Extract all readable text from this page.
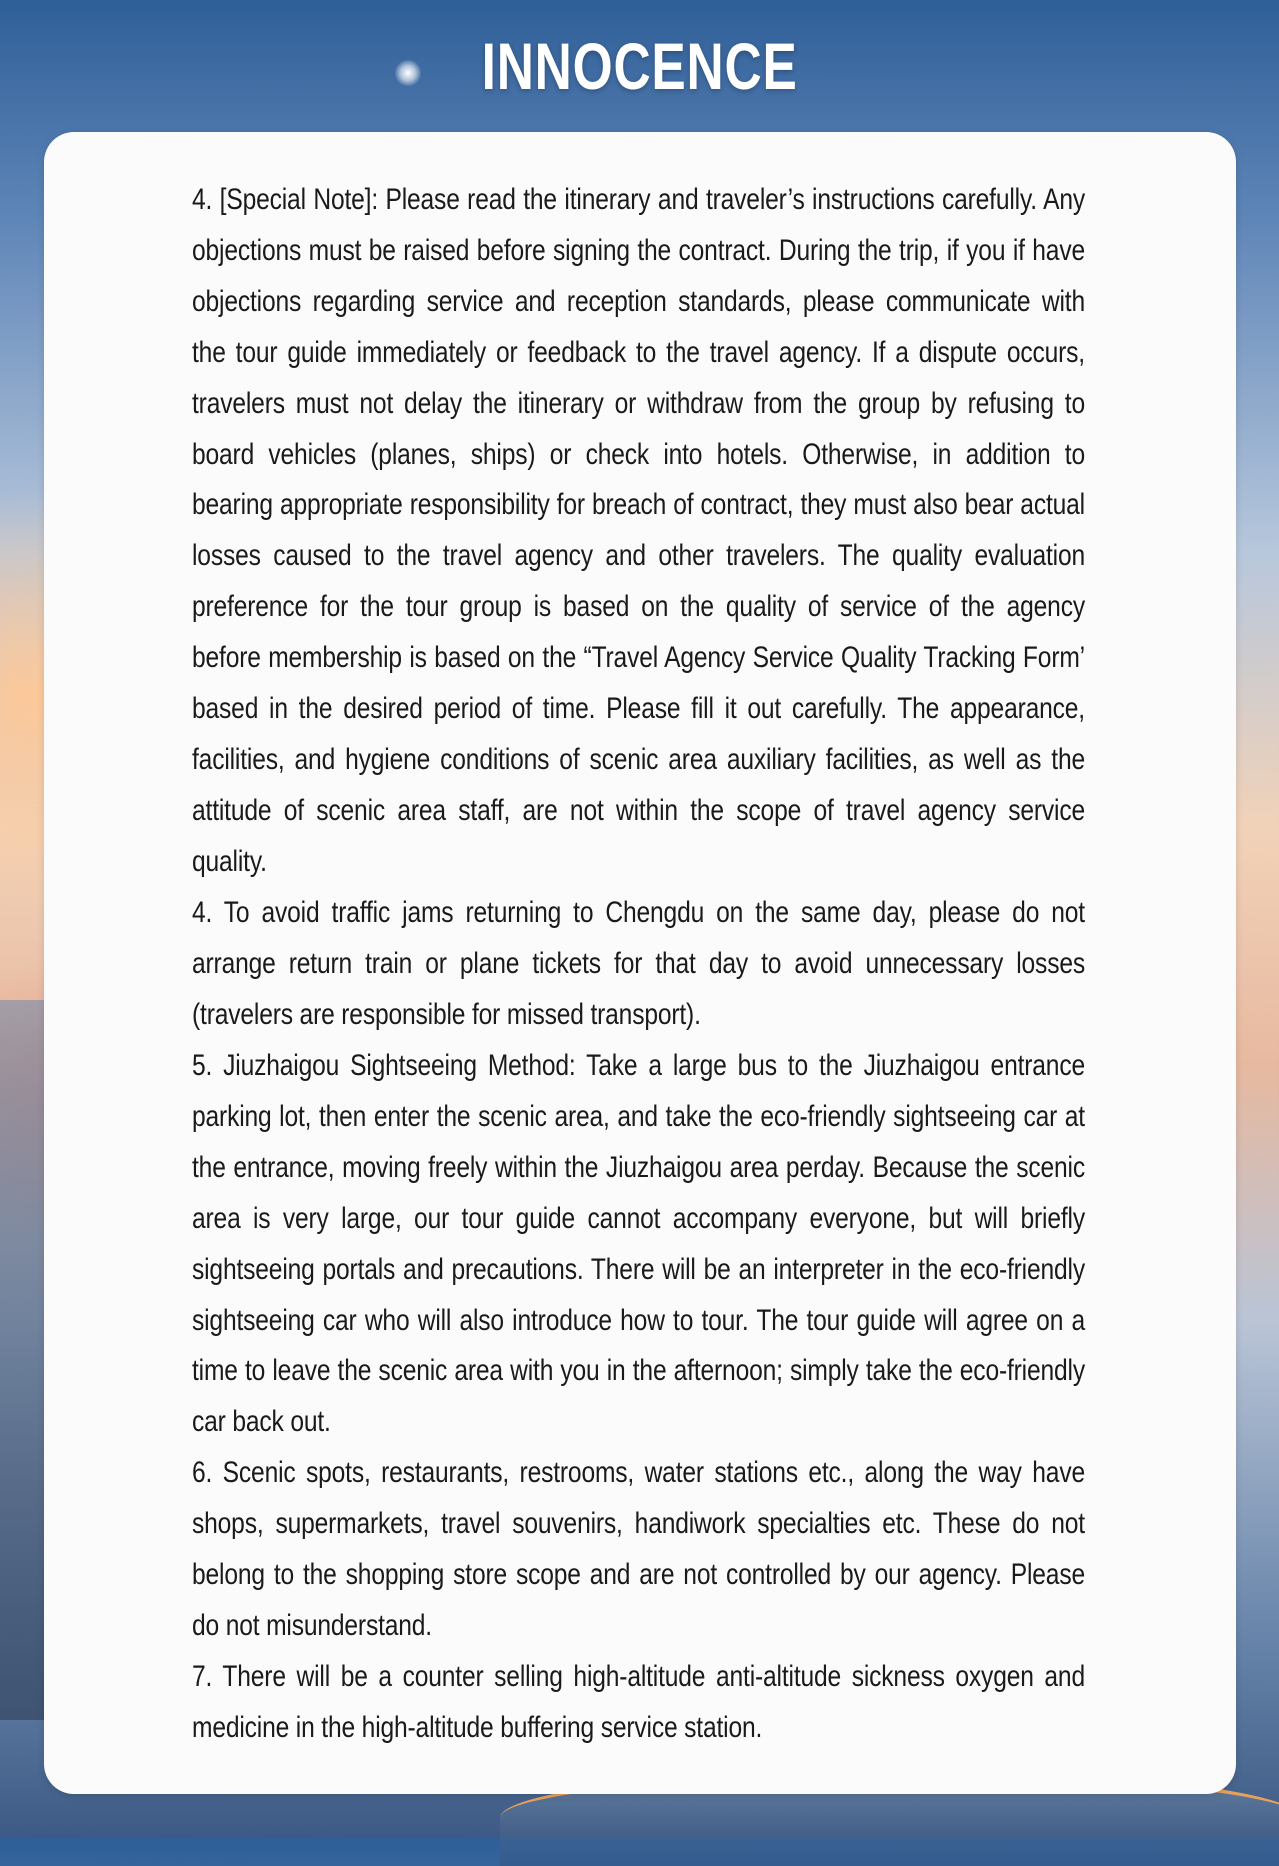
INNOCENCE

4. [Special Note]: Please read the itinerary and traveler’s instructions carefully. Any objections must be raised before signing the contract. During the trip, if you if have objections regarding service and reception standards, please communicate with the tour guide immediately or feedback to the travel agency. If a dispute occurs, travelers must not delay the itinerary or withdraw from the group by refusing to board vehicles (planes, ships) or check into hotels. Otherwise, in addition to bearing appropriate responsibility for breach of contract, they must also bear actual losses caused to the travel agency and other travelers. The quality evaluation preference for the tour group is based on the quality of service of the agency before membership is based on the “Travel Agency Service Quality Tracking Form’ based in the desired period of time. Please fill it out carefully. The appearance, facilities, and hygiene conditions of scenic area auxiliary facilities, as well as the attitude of scenic area staff, are not within the scope of travel agency service quality.

4. To avoid traffic jams returning to Chengdu on the same day, please do not arrange return train or plane tickets for that day to avoid unnecessary losses (travelers are responsible for missed transport).

5. Jiuzhaigou Sightseeing Method: Take a large bus to the Jiuzhaigou entrance parking lot, then enter the scenic area, and take the eco-friendly sightseeing car at the entrance, moving freely within the Jiuzhaigou area perday. Because the scenic area is very large, our tour guide cannot accompany everyone, but will briefly sightseeing portals and precautions. There will be an interpreter in the eco-friendly sightseeing car who will also introduce how to tour. The tour guide will agree on a time to leave the scenic area with you in the afternoon; simply take the eco-friendly car back out.

6. Scenic spots, restaurants, restrooms, water stations etc., along the way have shops, supermarkets, travel souvenirs, handiwork specialties etc. These do not belong to the shopping store scope and are not controlled by our agency. Please do not misunderstand.

7. There will be a counter selling high-altitude anti-altitude sickness oxygen and medicine in the high-altitude buffering service station.
